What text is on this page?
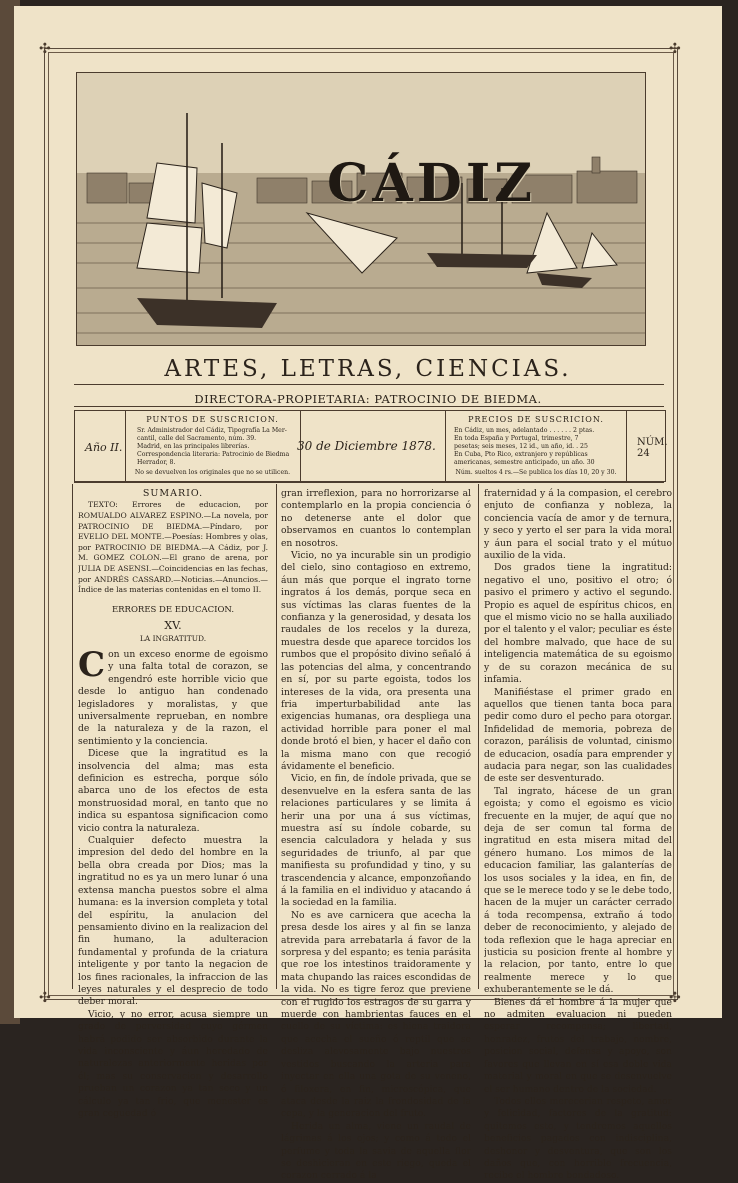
✣	✣
✣	✣
CÁDIZ
ARTES, LETRAS, CIENCIAS.
DIRECTORA-PROPIETARIA: PATROCINIO DE BIEDMA.
Año II.
PUNTOS DE SUSCRICION.
Sr. Administrador del Cádiz, Tipografía La Mer-
cantil, calle del Sacramento, núm. 39.
Madrid, en las principales librerías.
Correspondencia literaria: Patrocinio de Biedma
Herrador, 8.
No se devuelven los originales que no se utilicen.
30 de Diciembre 1878.
PRECIOS DE SUSCRICION.
En Cádiz, un mes, adelantado . . . . . . 2 ptas.
En toda España y Portugal, trimestre, 7
pesetas; seis meses, 12 id., un año, id. . 25
En Cuba, Pto Rico, extranjero y repúblicas
americanas, semestre anticipado, un año. 30
Núm. sueltos 4 rs.—Se publica los días 10, 20 y 30.
NÚM. 24

SUMARIO.

TEXTO: Errores de educacion, por ROMUALDO ALVAREZ ESPINO.—La novela, por PATROCINIO DE BIEDMA.—Píndaro, por EVELIO DEL MONTE.—Poesías: Hombres y olas, por PATROCINIO DE BIEDMA.—A Cádiz, por J. M. GOMEZ COLON.—El grano de arena, por JULIA DE ASENSI.—Coincidencias en las fechas, por ANDRÉS CASSARD.—Noticias.—Anuncios.—Índice de las materias contenidas en el tomo II.

ERRORES DE EDUCACION.

XV.

LA INGRATITUD.

Con un exceso enorme de egoismo y una falta total de corazon, se engendró este horrible vicio que desde lo antiguo han condenado legisladores y moralistas, y que universalmente reprueban, en nombre de la naturaleza y de la razon, el sentimiento y la conciencia.

Dicese que la ingratitud es la insolvencia del alma; mas esta definicion es estrecha, porque sólo abarca uno de los efectos de esta monstruosidad moral, en tanto que no indica su espantosa significacion como vicio contra la naturaleza.

Cualquier defecto muestra la impresion del dedo del hombre en la bella obra creada por Dios; mas la ingratitud no es ya un mero lunar ó una extensa mancha puestos sobre el alma humana: es la inversion completa y total del espíritu, la anulacion del pensamiento divino en la realizacion del fin humano, la adulteracion fundamental y profunda de la criatura inteligente y por tanto la negacion de los fines racionales, la infraccion de las leyes naturales y el desprecio de todo deber moral.

Vicio, y no error, acusa siempre un grado de perversidad cuyo gérmen habrá podido ser absorbido durante la vida inconsciente y áun heredado de naturalezas anteriormente heridas por él; mas su conservacion y desarrollo prueban un corazon ya tan seco y un cálculo ya tan frio, que menester es gran ceguedad ó

gran irreflexion, para no horrorizarse al contemplarlo en la propia conciencia ó no detenerse ante el dolor que observamos en cuantos lo contemplan en nosotros.

Vicio, no ya incurable sin un prodigio del cielo, sino contagioso en extremo, áun más que porque el ingrato torne ingratos á los demás, porque seca en sus víctimas las claras fuentes de la confianza y la generosidad, y desata los raudales de los recelos y la dureza, muestra desde que aparece torcidos los rumbos que el propósito divino señaló á las potencias del alma, y concentrando en sí, por su parte egoista, todos los intereses de la vida, ora presenta una fria imperturbabilidad ante las exigencias humanas, ora despliega una actividad horrible para poner el mal donde brotó el bien, y hacer el daño con la misma mano con que recogió ávidamente el beneficio.

Vicio, en fin, de índole privada, que se desenvuelve en la esfera santa de las relaciones particulares y se limita á herir una por una á sus víctimas, muestra así su índole cobarde, su esencia calculadora y helada y sus seguridades de triunfo, al par que manifiesta su profundidad y tino, y su trascendencia y alcance, emponzoñando á la familia en el individuo y atacando á la sociedad en la familia.

No es ave carnicera que acecha la presa desde los aires y al fin se lanza atrevida para arrebatarla á favor de la sorpresa y del espanto; es tenia parásita que roe los intestinos traidoramente y mata chupando las raices escondidas de la vida. No es tigre feroz que previene con el rugido los estragos de su garra y muerde con hambrientas fauces en el cuello de su víctima: es hiena traidora que acecha el sueño ó reptil que se desliza alevosamente bajo nuestros vestidos buscando la arteria para inyectar en ella una gota de su veneno, ó filoxera, en fin, microscópica, que ataca desde la raiz la frondosidad de la cepa, y la generacion del fruto.

Herida un alma, viene un raudal de lágrimas á los ojos; y como á todo el perfume y toda la savia de aquella flor se deshicieran en este riego, queda el corazon cerrado á la

fraternidad y á la compasion, el cerebro enjuto de confianza y nobleza, la conciencia vacía de amor y de ternura, y seco y yerto el ser para la vida moral y áun para el social trato y el mútuo auxilio de la vida.

Dos grados tiene la ingratitud: negativo el uno, positivo el otro; ó pasivo el primero y activo el segundo. Propio es aquel de espíritus chicos, en que el mismo vicio no se halla auxiliado por el talento y el valor; peculiar es éste del hombre malvado, que hace de su inteligencia matemática de su egoismo y de su corazon mecánica de su infamia.

Manifiéstase el primer grado en aquellos que tienen tanta boca para pedir como duro el pecho para otorgar. Infidelidad de memoria, pobreza de corazon, parálisis de voluntad, cinismo de educacion, osadía para emprender y audacia para negar, son las cualidades de este ser desventurado.

Tal ingrato, hácese de un gran egoista; y como el egoismo es vicio frecuente en la mujer, de aquí que no deja de ser comun tal forma de ingratitud en esta misera mitad del género humano. Los mimos de la educacion familiar, las galanterías de los usos sociales y la idea, en fin, de que se le merece todo y se le debe todo, hacen de la mujer un carácter cerrado á toda recompensa, extraño á todo deber de reconocimiento, y alejado de toda reflexion que le haga apreciar en justicia su posicion frente al hombre y la relacion, por tanto, entre lo que realmente merece y lo que exhuberantemente se le dá.

Bienes dá el hombre á la mujer que no admiten evaluacion ni pueden esperar recompensa; libertad, honradez, frutos del trabajo, nombre, posicion social, defensa y apoyo, son favores que llevan en sí esa doble vida material y moral en que se desenvuelve el ser humano dentro de la sociedad.

Todos ellos merecerian respeto, amor y felicidad, factores de la gratitud: quitemos esto, y tendremos aquellos beneficios pagados con indisciplina, deshonor y desventura, que son los daños que, con horrible frecuencia, recibe el hombre bondadoso.
